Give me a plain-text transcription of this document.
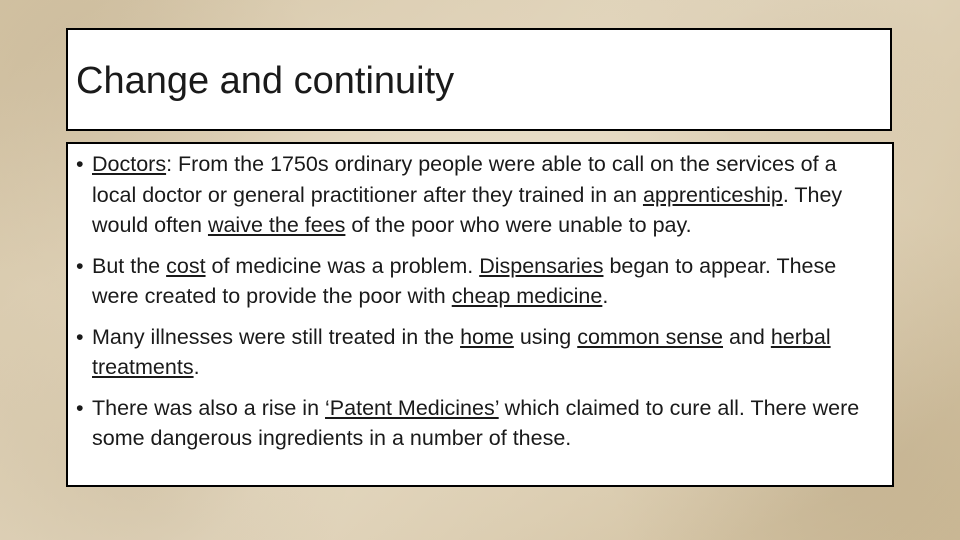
Change and continuity
• Doctors: From the 1750s ordinary people were able to call on the services of a local doctor or general practitioner after they trained in an apprenticeship. They would often waive the fees of the poor who were unable to pay.
• But the cost of medicine was a problem. Dispensaries began to appear. These were created to provide the poor with cheap medicine.
• Many illnesses were still treated in the home using common sense and herbal treatments.
• There was also a rise in ‘Patent Medicines’ which claimed to cure all. There were some dangerous ingredients in a number of these.
